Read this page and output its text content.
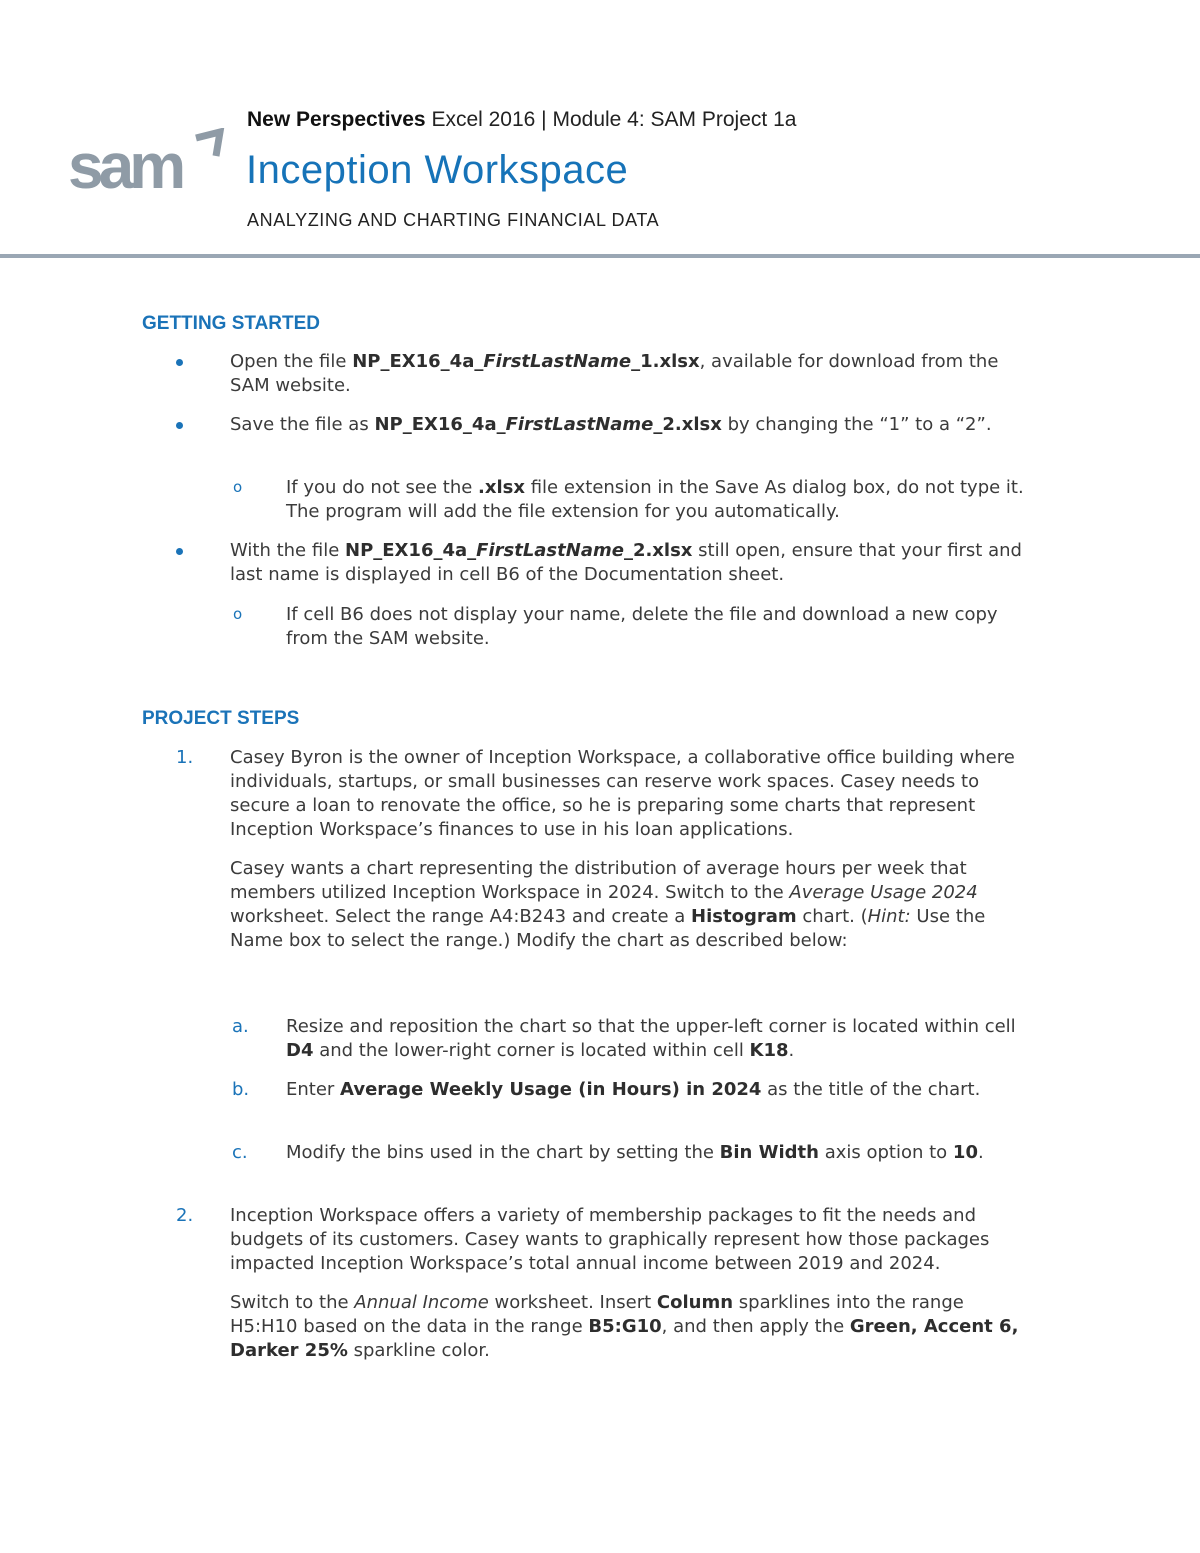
sam
New Perspectives Excel 2016 | Module 4: SAM Project 1a
Inception Workspace
ANALYZING AND CHARTING FINANCIAL DATA
GETTING STARTED
Open the file NP_EX16_4a_FirstLastName_1.xlsx, available for download from the SAM website.
Save the file as NP_EX16_4a_FirstLastName_2.xlsx by changing the “1” to a “2”.
o If you do not see the .xlsx file extension in the Save As dialog box, do not type it. The program will add the file extension for you automatically.
With the file NP_EX16_4a_FirstLastName_2.xlsx still open, ensure that your first and last name is displayed in cell B6 of the Documentation sheet.
o If cell B6 does not display your name, delete the file and download a new copy from the SAM website.
PROJECT STEPS
1. Casey Byron is the owner of Inception Workspace, a collaborative office building where individuals, startups, or small businesses can reserve work spaces. Casey needs to secure a loan to renovate the office, so he is preparing some charts that represent Inception Workspace’s finances to use in his loan applications.

Casey wants a chart representing the distribution of average hours per week that members utilized Inception Workspace in 2024. Switch to the Average Usage 2024 worksheet. Select the range A4:B243 and create a Histogram chart. (Hint: Use the Name box to select the range.) Modify the chart as described below:

a. Resize and reposition the chart so that the upper-left corner is located within cell D4 and the lower-right corner is located within cell K18.
b. Enter Average Weekly Usage (in Hours) in 2024 as the title of the chart.
c. Modify the bins used in the chart by setting the Bin Width axis option to 10.
2. Inception Workspace offers a variety of membership packages to fit the needs and budgets of its customers. Casey wants to graphically represent how those packages impacted Inception Workspace’s total annual income between 2019 and 2024.

Switch to the Annual Income worksheet. Insert Column sparklines into the range H5:H10 based on the data in the range B5:G10, and then apply the Green, Accent 6, Darker 25% sparkline color.
